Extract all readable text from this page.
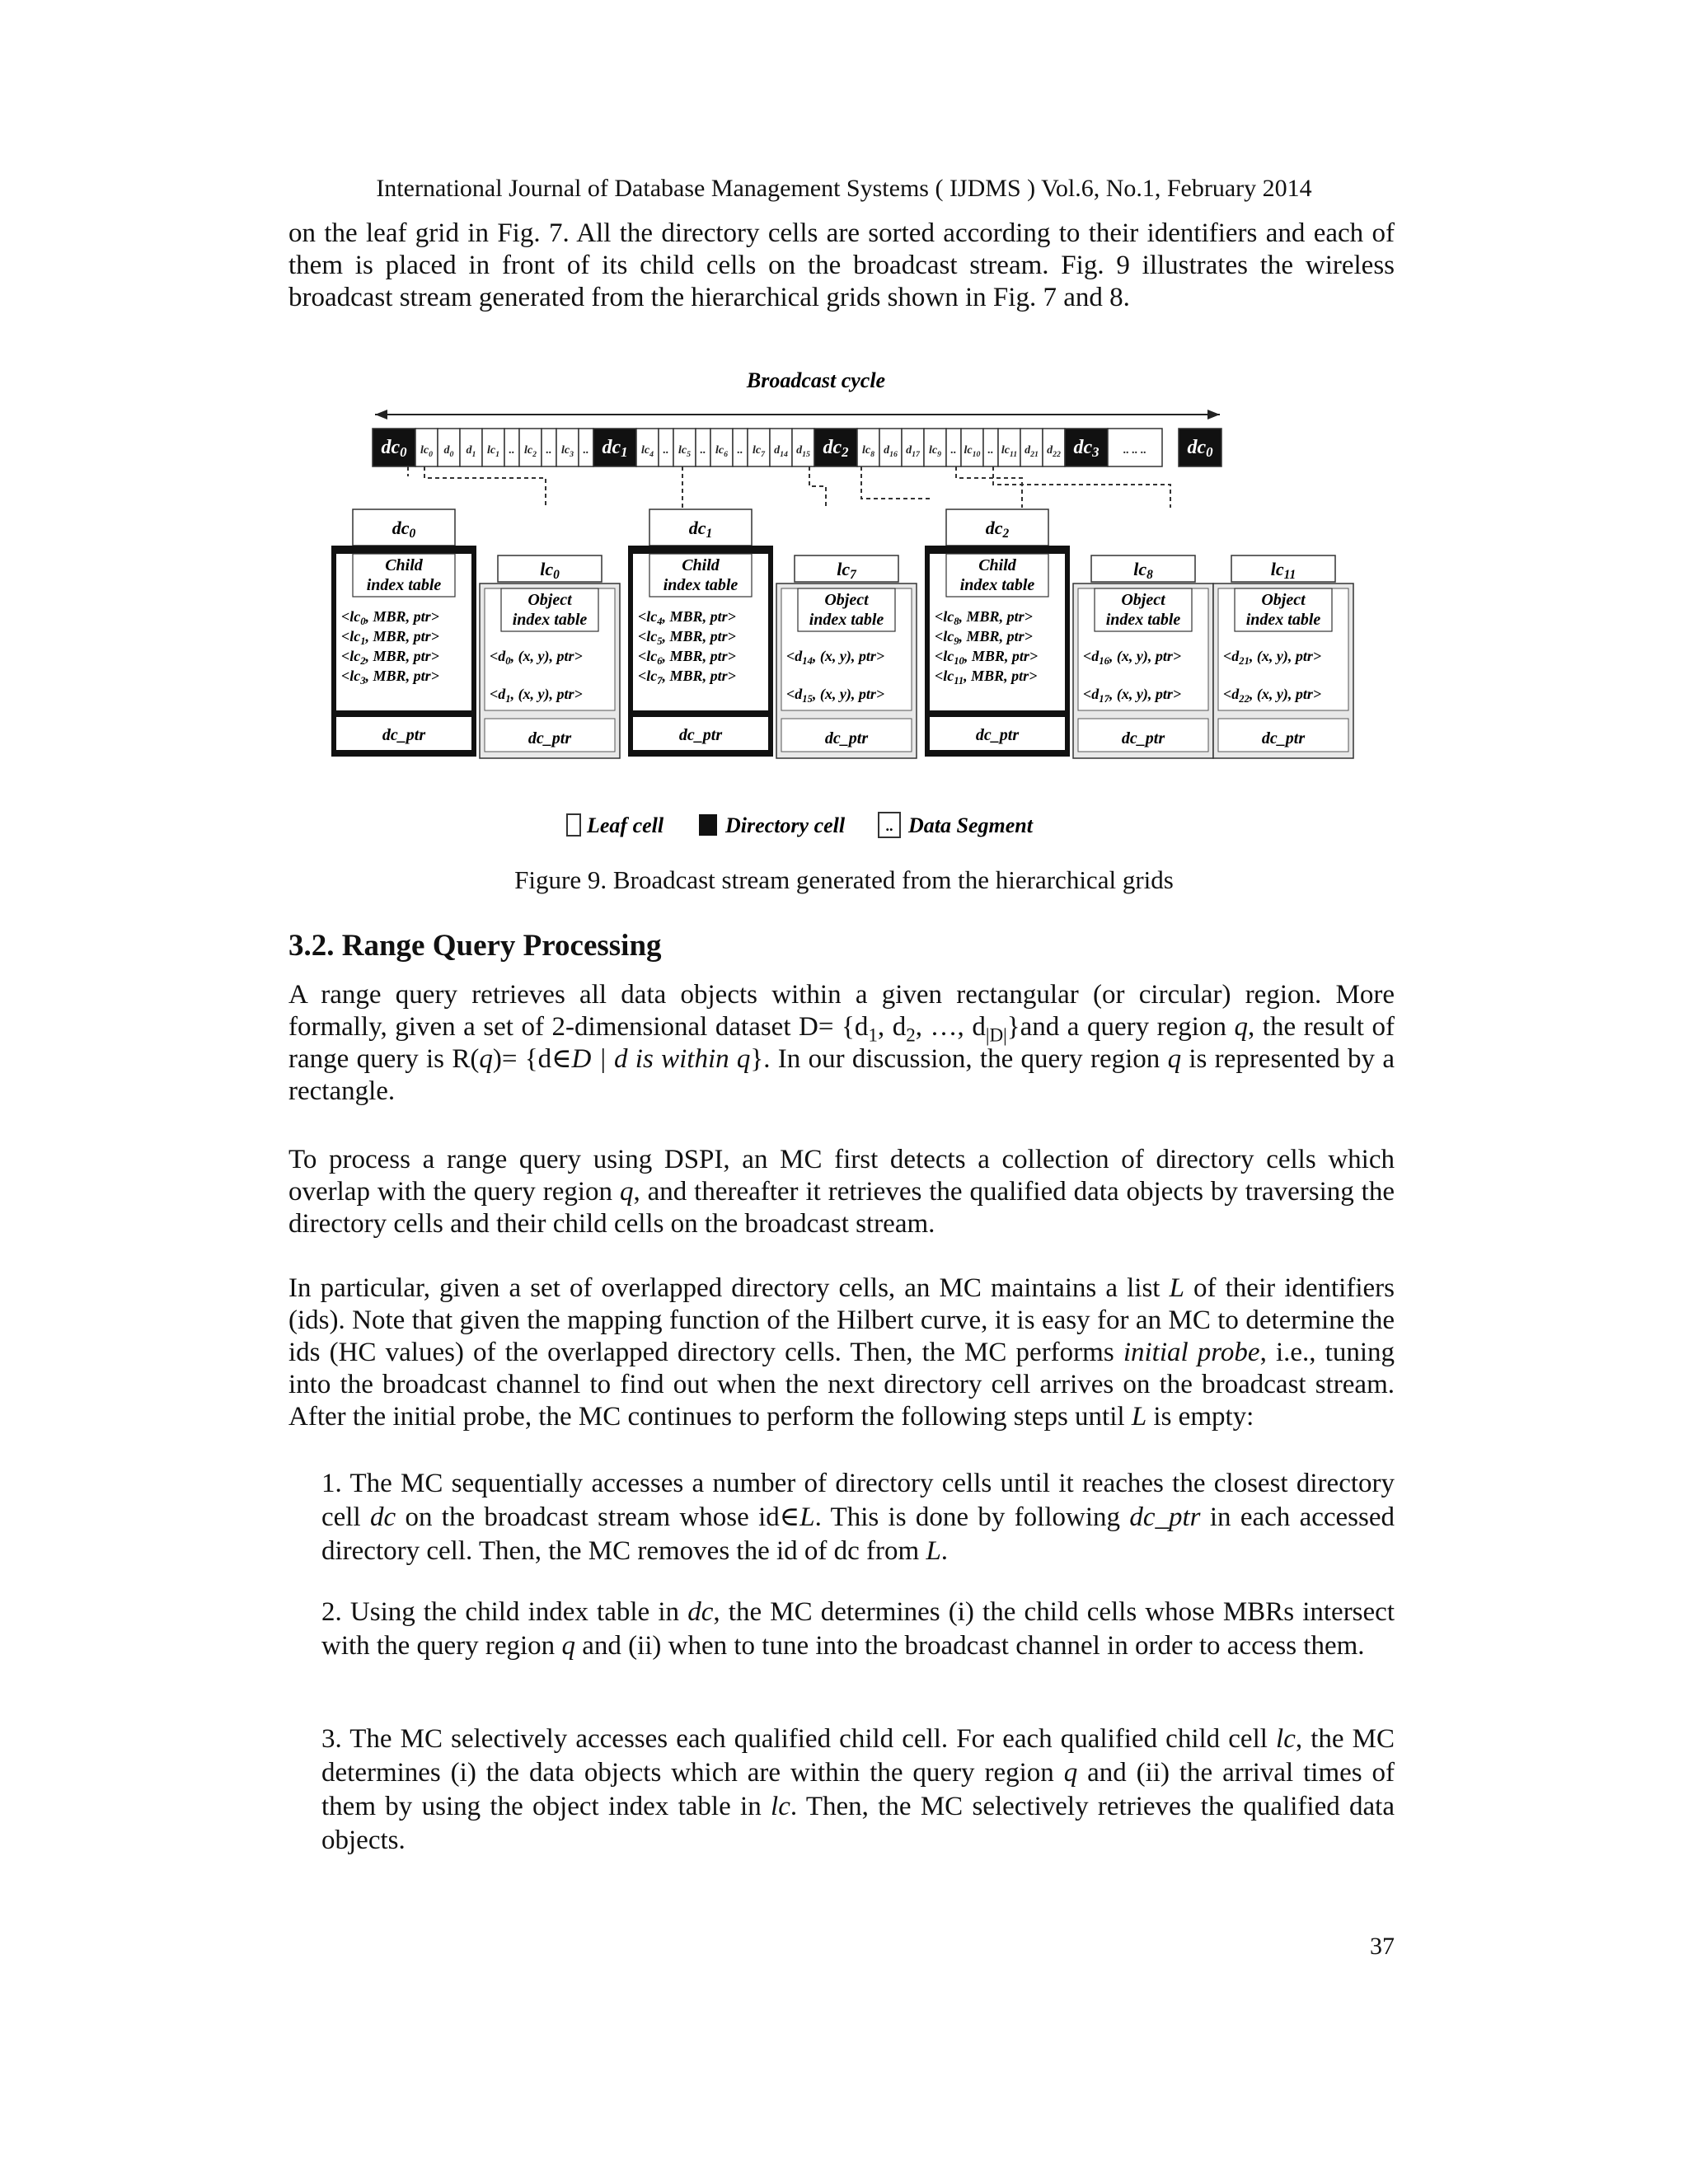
International Journal of Database Management Systems ( IJDMS ) Vol.6, No.1, February 2014

on the leaf grid in Fig. 7. All the directory cells are sorted according to their identifiers and each of them is placed in front of its child cells on the broadcast stream. Fig. 9 illustrates the wireless broadcast stream generated from the hierarchical grids shown in Fig. 7 and 8.

Broadcast cycle
dc0 $lc_0$ $d_0$ $d_1$ $lc_1$ .. $lc_2$ .. $lc_3$ .. dc1 $lc_4$ .. $lc_5$ .. $lc_6$ .. $lc_7$ $d_{14}$ $d_{15}$ dc2 $lc_8$ $d_{16}$ $d_{17}$ $lc_9$ .. $lc_{10}$ .. $lc_{11}$ $d_{21}$ $d_{22}$ dc3 .. .. .. dc0
dc0
Child
index table
$<lc_0$, MBR, ptr>
$<lc_1$, MBR, ptr>
$<lc_2$, MBR, ptr>
$<lc_3$, MBR, ptr>
dc_ptr
lc0
Object
index table
$<d_0$, (x, y), ptr>
$<d_1$, (x, y), ptr>
dc_ptr
dc1
Child
index table
$<lc_4$, MBR, ptr>
$<lc_5$, MBR, ptr>
$<lc_6$, MBR, ptr>
$<lc_7$, MBR, ptr>
dc_ptr
lc7
Object
index table
$<d_{14}$, (x, y), ptr>
$<d_{15}$, (x, y), ptr>
dc_ptr
dc2
Child
index table
$<lc_8$, MBR, ptr>
$<lc_9$, MBR, ptr>
$<lc_{10}$, MBR, ptr>
$<lc_{11}$, MBR, ptr>
dc_ptr
lc8
Object
index table
$<d_{16}$, (x, y), ptr>
$<d_{17}$, (x, y), ptr>
dc_ptr
lc11
Object
index table
$<d_{21}$, (x, y), ptr>
$<d_{22}$, (x, y), ptr>
dc_ptr
Leaf cell	Directory cell	.. Data Segment
Figure 9. Broadcast stream generated from the hierarchical grids
3.2. Range Query Processing

A range query retrieves all data objects within a given rectangular (or circular) region. More formally, given a set of 2-dimensional dataset $D= \{d_1$, $d_2$, …, $d_{|D|}\}and$ a query region q, the result of range query is R(q)= {d∈D | d is within q}. In our discussion, the query region q is represented by a rectangle.

To process a range query using DSPI, an MC first detects a collection of directory cells which overlap with the query region q, and thereafter it retrieves the qualified data objects by traversing the directory cells and their child cells on the broadcast stream.

In particular, given a set of overlapped directory cells, an MC maintains a list L of their identifiers (ids). Note that given the mapping function of the Hilbert curve, it is easy for an MC to determine the ids (HC values) of the overlapped directory cells. Then, the MC performs initial probe, i.e., tuning into the broadcast channel to find out when the next directory cell arrives on the broadcast stream. After the initial probe, the MC continues to perform the following steps until L is empty:

1. The MC sequentially accesses a number of directory cells until it reaches the closest directory cell dc on the broadcast stream whose id∈L. This is done by following dc_ptr in each accessed directory cell. Then, the MC removes the id of dc from L.

2. Using the child index table in dc, the MC determines (i) the child cells whose MBRs intersect with the query region q and (ii) when to tune into the broadcast channel in order to access them.

3. The MC selectively accesses each qualified child cell. For each qualified child cell lc, the MC determines (i) the data objects which are within the query region q and (ii) the arrival times of them by using the object index table in lc. Then, the MC selectively retrieves the qualified data objects.

37
